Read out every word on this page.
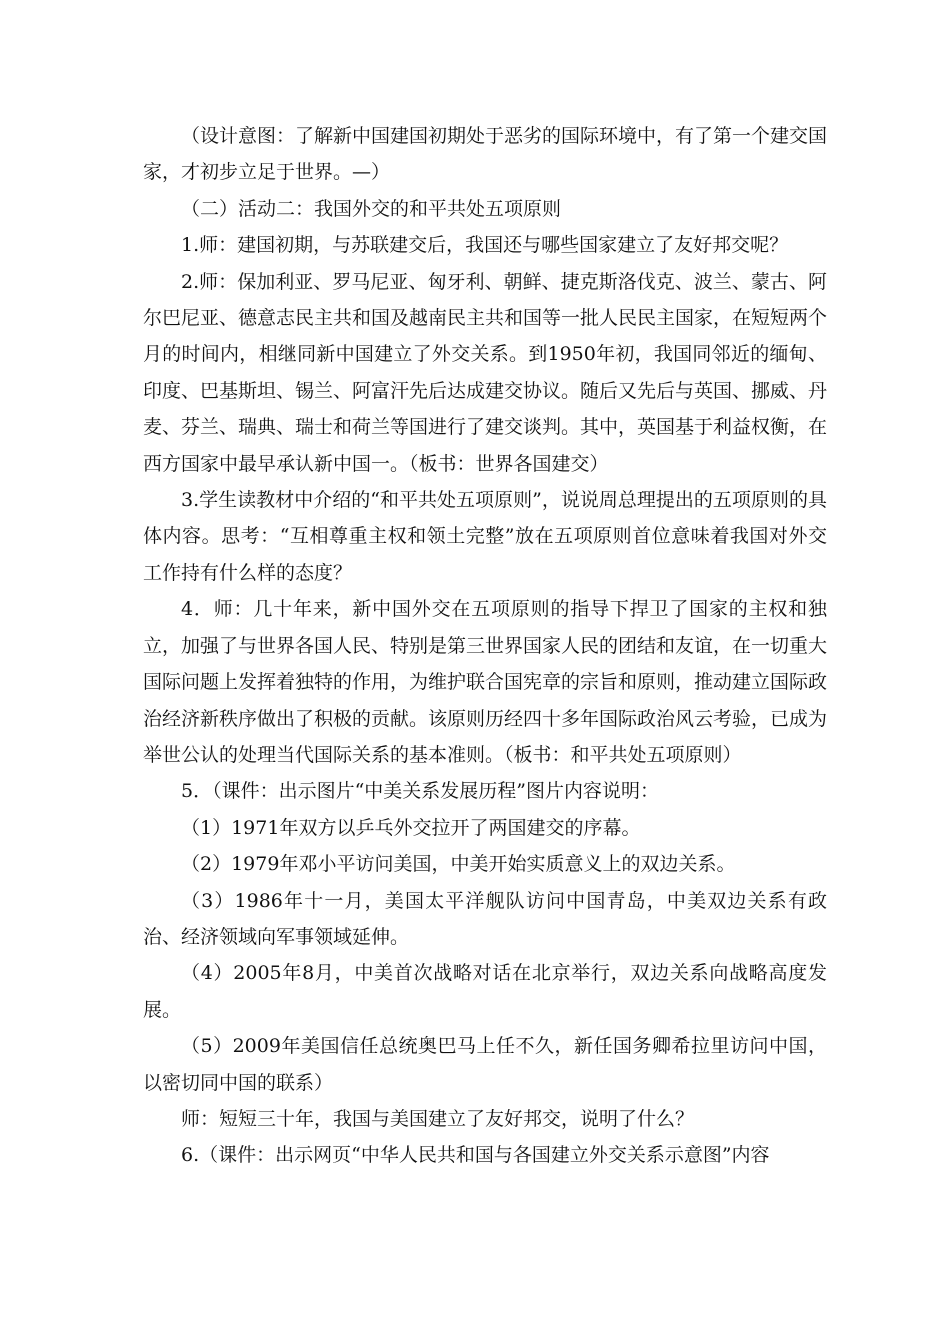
（设计意图：了解新中国建国初期处于恶劣的国际环境中，有了第一个建交国家，才初步立足于世界。—）

（二）活动二：我国外交的和平共处五项原则

1.师：建国初期，与苏联建交后，我国还与哪些国家建立了友好邦交呢？

2.师：保加利亚、罗马尼亚、匈牙利、朝鲜、捷克斯洛伐克、波兰、蒙古、阿尔巴尼亚、德意志民主共和国及越南民主共和国等一批人民民主国家，在短短两个月的时间内，相继同新中国建立了外交关系。到1950年初，我国同邻近的缅甸、印度、巴基斯坦、锡兰、阿富汗先后达成建交协议。随后又先后与英国、挪威、丹麦、芬兰、瑞典、瑞士和荷兰等国进行了建交谈判。其中，英国基于利益权衡，在西方国家中最早承认新中国一。（板书：世界各国建交）

3.学生读教材中介绍的“和平共处五项原则”，说说周总理提出的五项原则的具体内容。思考：“互相尊重主权和领土完整”放在五项原则首位意味着我国对外交工作持有什么样的态度？

4．师：几十年来，新中国外交在五项原则的指导下捍卫了国家的主权和独立，加强了与世界各国人民、特别是第三世界国家人民的团结和友谊，在一切重大国际问题上发挥着独特的作用，为维护联合国宪章的宗旨和原则，推动建立国际政治经济新秩序做出了积极的贡献。该原则历经四十多年国际政治风云考验，已成为举世公认的处理当代国际关系的基本准则。（板书：和平共处五项原则）

5．（课件：出示图片“中美关系发展历程”图片内容说明：

（1）1971年双方以乒乓外交拉开了两国建交的序幕。

（2）1979年邓小平访问美国，中美开始实质意义上的双边关系。

（3）1986年十一月，美国太平洋舰队访问中国青岛，中美双边关系有政治、经济领域向军事领域延伸。

（4）2005年8月，中美首次战略对话在北京举行，双边关系向战略高度发展。

（5）2009年美国信任总统奥巴马上任不久，新任国务卿希拉里访问中国，以密切同中国的联系）

师：短短三十年，我国与美国建立了友好邦交，说明了什么？

6.（课件：出示网页“中华人民共和国与各国建立外交关系示意图”内容
